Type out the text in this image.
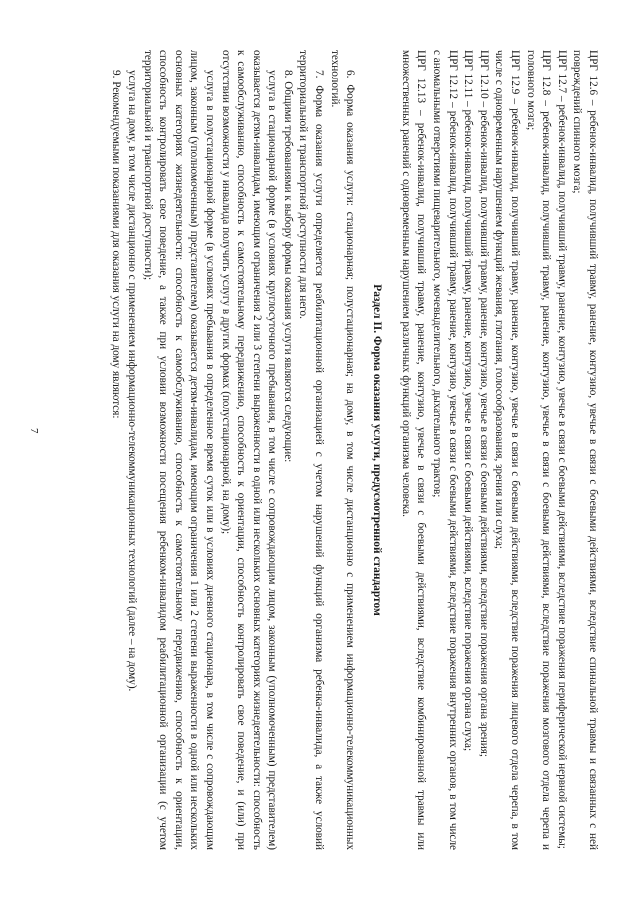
7	ЦРГ 12.6 – ребенок-инвалид, получивший травму, ранение, контузию, увечье в связи с боевыми действиями, вследствие спинальной травмы и связанных с ней повреждений спинного мозга;

ЦРГ 12.7 – ребенок-инвалид, получивший травму, ранение, контузию, увечье в связи с боевыми действиями, вследствие поражения периферической нервной системы;

ЦРГ 12.8 – ребенок-инвалид, получивший травму, ранение, контузию, увечье в связи с боевыми действиями, вследствие поражения мозгового отдела черепа и головного мозга;

ЦРГ 12.9 – ребенок-инвалид, получивший травму, ранение, контузию, увечье в связи с боевыми действиями, вследствие поражения лицевого отдела черепа, в том числе с одновременным нарушением функций жевания, глотания, голосообразования, зрения или слуха;

ЦРГ 12.10 – ребенок-инвалид, получивший травму, ранение, контузию, увечье в связи с боевыми действиями, вследствие поражения органа зрения;

ЦРГ 12.11 – ребенок-инвалид, получивший травму, ранение, контузию, увечье в связи с боевыми действиями, вследствие поражения органа слуха;

ЦРГ 12.12 – ребенок-инвалид, получивший травму, ранение, контузию, увечье в связи с боевыми действиями, вследствие поражения внутренних органов, в том числе с аномальными отверстиями пищеварительного, мочевыделительного, дыхательного трактов;

ЦРГ 12.13 – ребенок-инвалид, получивший травму, ранение, контузию, увечье в связи с боевыми действиями, вследствие комбинированной травмы или множественных ранений с одновременным нарушением различных функций организма человека.

Раздел II. Форма оказания услуги, предусмотренной стандартом

6. Форма оказания услуги: стационарная; полустационарная; на дому, в том числе дистанционно с применением информационно-телекоммуникационных технологий.

7. Форма оказания услуги определяется реабилитационной организацией с учетом нарушений функций организма ребенка-инвалида, а также условий территориальной и транспортной доступности для него.

8. Общими требованиями к выбору формы оказания услуги являются следующие:

услуга в стационарной форме (в условиях круглосуточного пребывания, в том числе с сопровождающим лицом, законным (уполномоченным) представителем) оказывается детям-инвалидам, имеющим ограничения 2 или 3 степени выраженности в одной или нескольких основных категориях жизнедеятельности: способность к самообслуживанию, способность к самостоятельному передвижению, способность к ориентации, способность контролировать свое поведение, и (или) при отсутствии возможности у инвалида получить услугу в других формах (полустационарной, на дому);

услуга в полустационарной форме (в условиях пребывания в определенное время суток или в условиях дневного стационара, в том числе с сопровождающим лицом, законным (уполномоченным) представителем) оказывается детям-инвалидам, имеющим ограничения 1 или 2 степени выраженности в одной или нескольких основных категориях жизнедеятельности: способность к самообслуживанию, способность к самостоятельному передвижению, способность к ориентации, способность контролировать свое поведение, а также при условии возможности посещения ребенком-инвалидом реабилитационной организации (с учетом территориальной и транспортной доступности);

услуга на дому, в том числе дистанционно с применением информационно-телекоммуникационных технологий (далее – на дому).

9. Рекомендуемыми показаниями для оказания услуги на дому являются:
